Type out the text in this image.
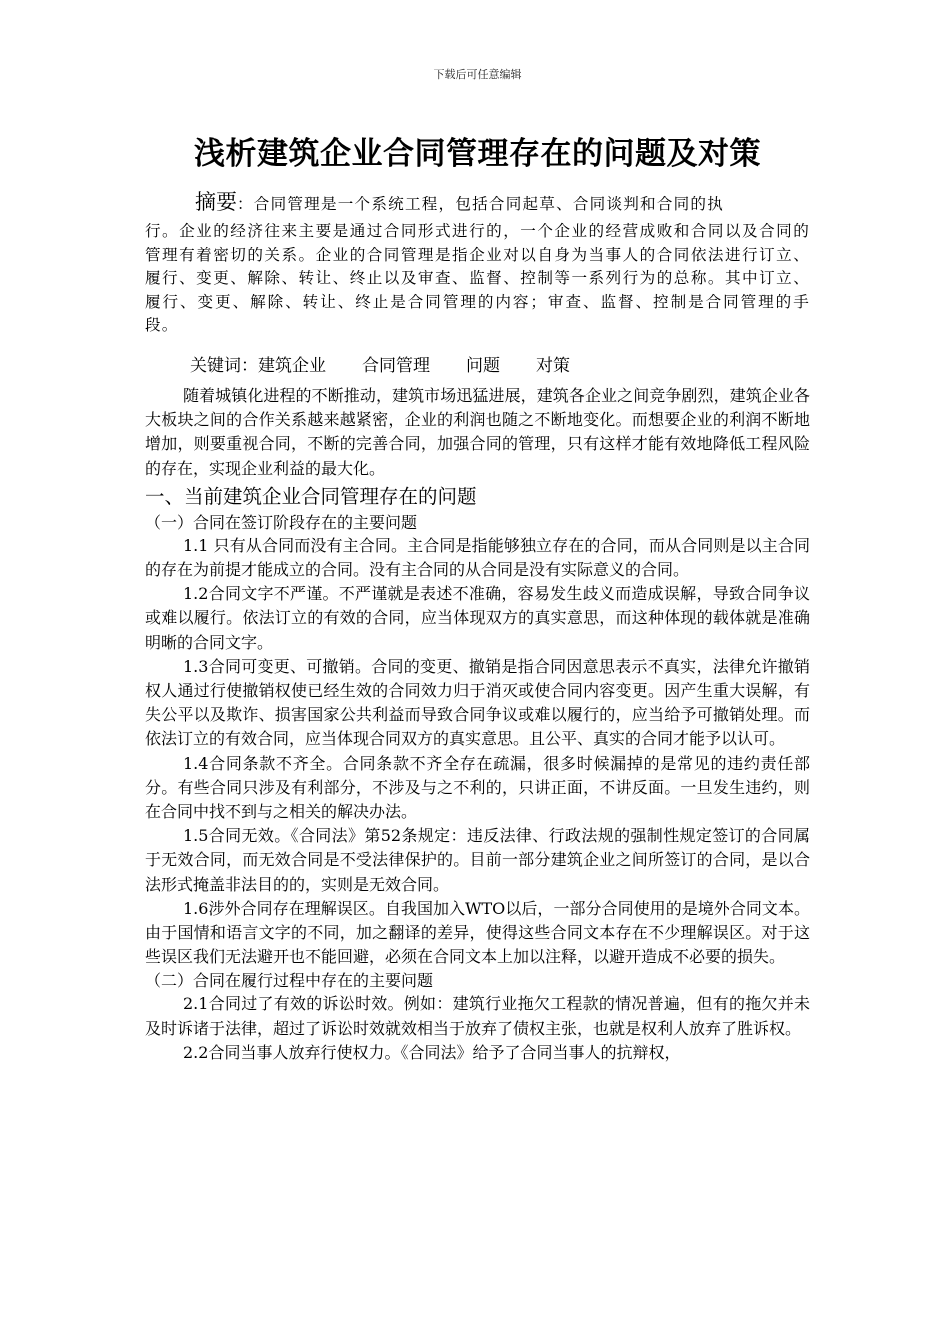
下载后可任意编辑
浅析建筑企业合同管理存在的问题及对策
摘要：合同管理是一个系统工程，包括合同起草、合同谈判和合同的执
行。企业的经济往来主要是通过合同形式进行的，一个企业的经营成败和合同以及合同的管理有着密切的关系。企业的合同管理是指企业对以自身为当事人的合同依法进行订立、履行、变更、解除、转让、终止以及审查、监督、控制等一系列行为的总称。其中订立、履行、变更、解除、转让、终止是合同管理的内容；审查、监督、控制是合同管理的手段。
关键词：建筑企业 合同管理 问题 对策

随着城镇化进程的不断推动，建筑市场迅猛进展，建筑各企业之间竞争剧烈，建筑企业各大板块之间的合作关系越来越紧密，企业的利润也随之不断地变化。而想要企业的利润不断地增加，则要重视合同，不断的完善合同，加强合同的管理，只有这样才能有效地降低工程风险的存在，实现企业利益的最大化。

一、当前建筑企业合同管理存在的问题
（一）合同在签订阶段存在的主要问题

1.1 只有从合同而没有主合同。主合同是指能够独立存在的合同，而从合同则是以主合同的存在为前提才能成立的合同。没有主合同的从合同是没有实际意义的合同。

1.2合同文字不严谨。不严谨就是表述不准确，容易发生歧义而造成误解，导致合同争议或难以履行。依法订立的有效的合同，应当体现双方的真实意思，而这种体现的载体就是准确明晰的合同文字。

1.3合同可变更、可撤销。合同的变更、撤销是指合同因意思表示不真实，法律允许撤销权人通过行使撤销权使已经生效的合同效力归于消灭或使合同内容变更。因产生重大误解，有失公平以及欺诈、损害国家公共利益而导致合同争议或难以履行的，应当给予可撤销处理。而依法订立的有效合同，应当体现合同双方的真实意思。且公平、真实的合同才能予以认可。

1.4合同条款不齐全。合同条款不齐全存在疏漏，很多时候漏掉的是常见的违约责任部分。有些合同只涉及有利部分，不涉及与之不利的，只讲正面，不讲反面。一旦发生违约，则在合同中找不到与之相关的解决办法。

1.5合同无效。《合同法》第52条规定：违反法律、行政法规的强制性规定签订的合同属于无效合同，而无效合同是不受法律保护的。目前一部分建筑企业之间所签订的合同，是以合法形式掩盖非法目的的，实则是无效合同。

1.6涉外合同存在理解误区。自我国加入WTO以后，一部分合同使用的是境外合同文本。由于国情和语言文字的不同，加之翻译的差异，使得这些合同文本存在不少理解误区。对于这些误区我们无法避开也不能回避，必须在合同文本上加以注释，以避开造成不必要的损失。

（二）合同在履行过程中存在的主要问题

2.1合同过了有效的诉讼时效。例如：建筑行业拖欠工程款的情况普遍，但有的拖欠并未及时诉诸于法律，超过了诉讼时效就效相当于放弃了债权主张，也就是权利人放弃了胜诉权。

2.2合同当事人放弃行使权力。《合同法》给予了合同当事人的抗辩权，
